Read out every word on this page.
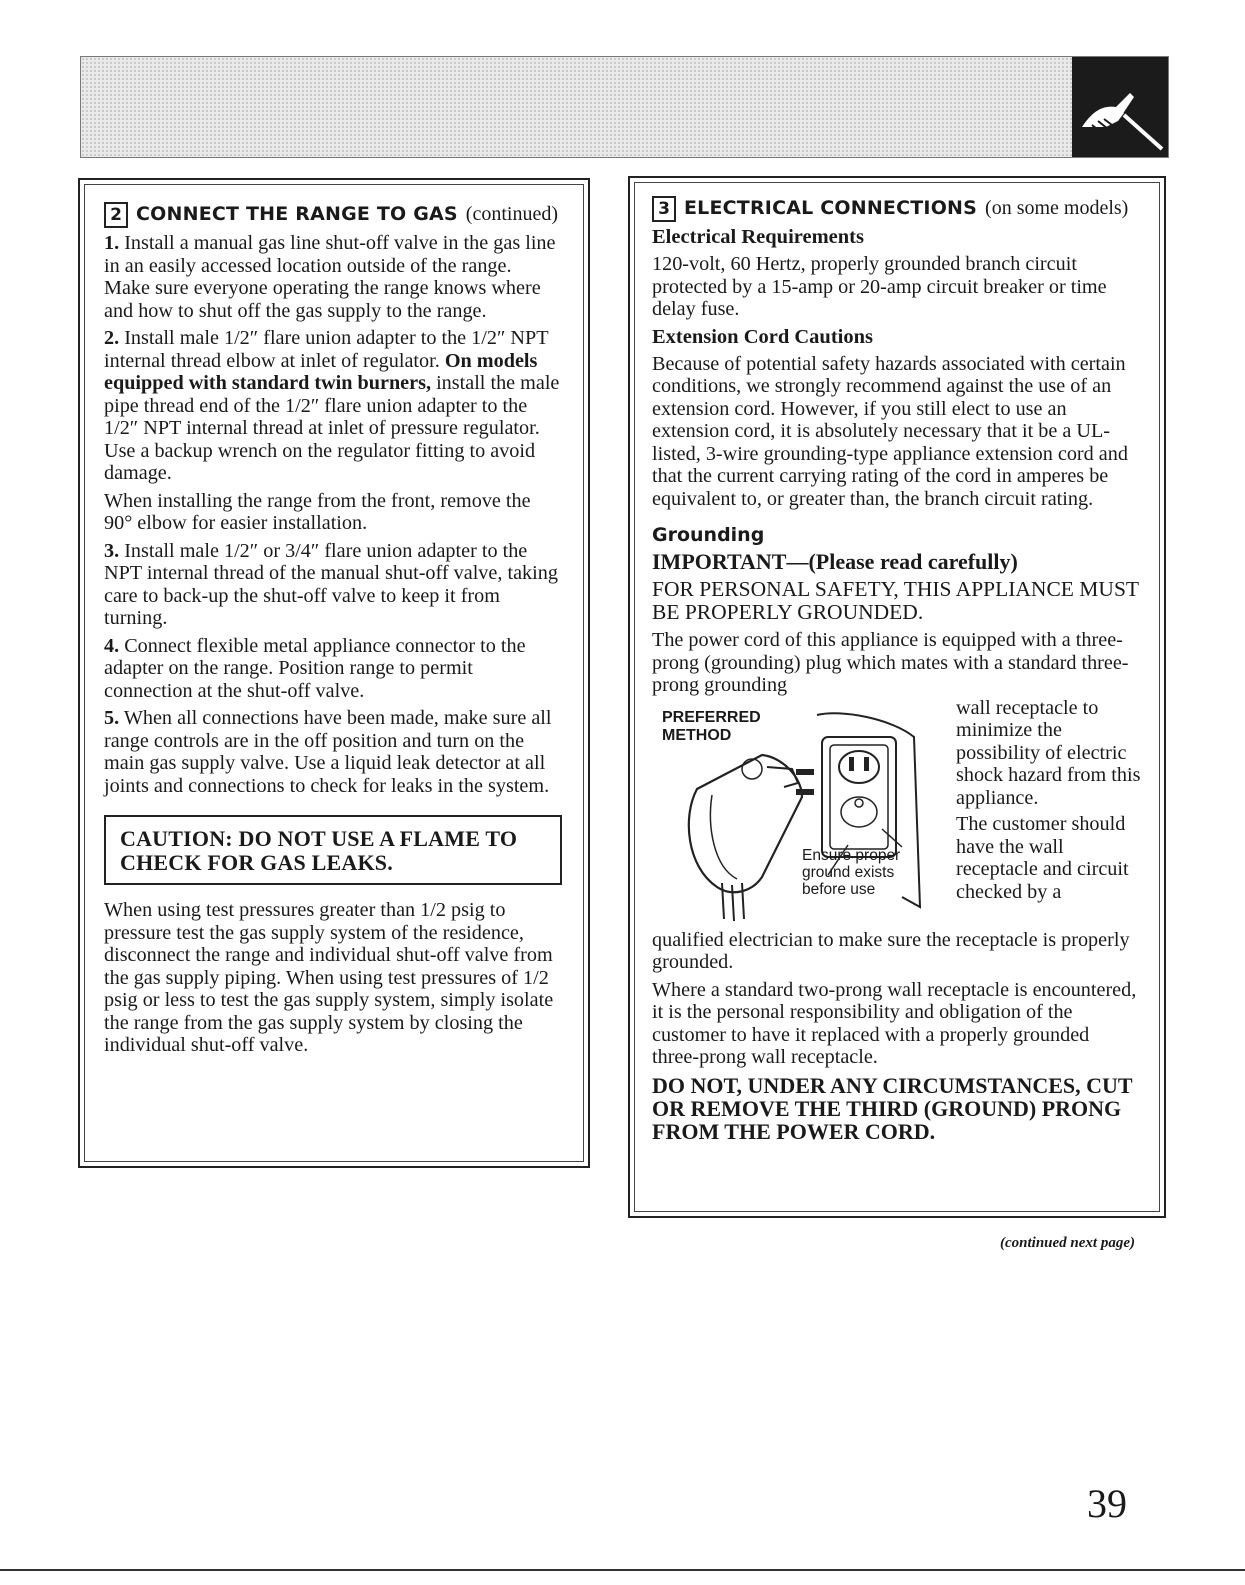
2 CONNECT THE RANGE TO GAS (continued)

1. Install a manual gas line shut-off valve in the gas line in an easily accessed location outside of the range. Make sure everyone operating the range knows where and how to shut off the gas supply to the range.

2. Install male 1/2″ flare union adapter to the 1/2″ NPT internal thread elbow at inlet of regulator. On models equipped with standard twin burners, install the male pipe thread end of the 1/2″ flare union adapter to the 1/2″ NPT internal thread at inlet of pressure regulator. Use a backup wrench on the regulator fitting to avoid damage.

When installing the range from the front, remove the 90° elbow for easier installation.

3. Install male 1/2″ or 3/4″ flare union adapter to the NPT internal thread of the manual shut-off valve, taking care to back-up the shut-off valve to keep it from turning.

4. Connect flexible metal appliance connector to the adapter on the range. Position range to permit connection at the shut-off valve.

5. When all connections have been made, make sure all range controls are in the off position and turn on the main gas supply valve. Use a liquid leak detector at all joints and connections to check for leaks in the system.

CAUTION: DO NOT USE A FLAME TO CHECK FOR GAS LEAKS.

When using test pressures greater than 1/2 psig to pressure test the gas supply system of the residence, disconnect the range and individual shut-off valve from the gas supply piping. When using test pressures of 1/2 psig or less to test the gas supply system, simply isolate the range from the gas supply system by closing the individual shut-off valve.

3 ELECTRICAL CONNECTIONS (on some models)
Electrical Requirements

120-volt, 60 Hertz, properly grounded branch circuit protected by a 15-amp or 20-amp circuit breaker or time delay fuse.

Extension Cord Cautions

Because of potential safety hazards associated with certain conditions, we strongly recommend against the use of an extension cord. However, if you still elect to use an extension cord, it is absolutely necessary that it be a UL-listed, 3-wire grounding-type appliance extension cord and that the current carrying rating of the cord in amperes be equivalent to, or greater than, the branch circuit rating.

Grounding

IMPORTANT—(Please read carefully)

FOR PERSONAL SAFETY, THIS APPLIANCE MUST BE PROPERLY GROUNDED.

The power cord of this appliance is equipped with a three-prong (grounding) plug which mates with a standard three-prong grounding

PREFERRED METHOD
Ensure proper ground exists before use

wall receptacle to minimize the possibility of electric shock hazard from this appliance.

The customer should have the wall receptacle and circuit checked by a

qualified electrician to make sure the receptacle is properly grounded.

Where a standard two-prong wall receptacle is encountered, it is the personal responsibility and obligation of the customer to have it replaced with a properly grounded three-prong wall receptacle.

DO NOT, UNDER ANY CIRCUMSTANCES, CUT OR REMOVE THE THIRD (GROUND) PRONG FROM THE POWER CORD.

(continued next page)
39
